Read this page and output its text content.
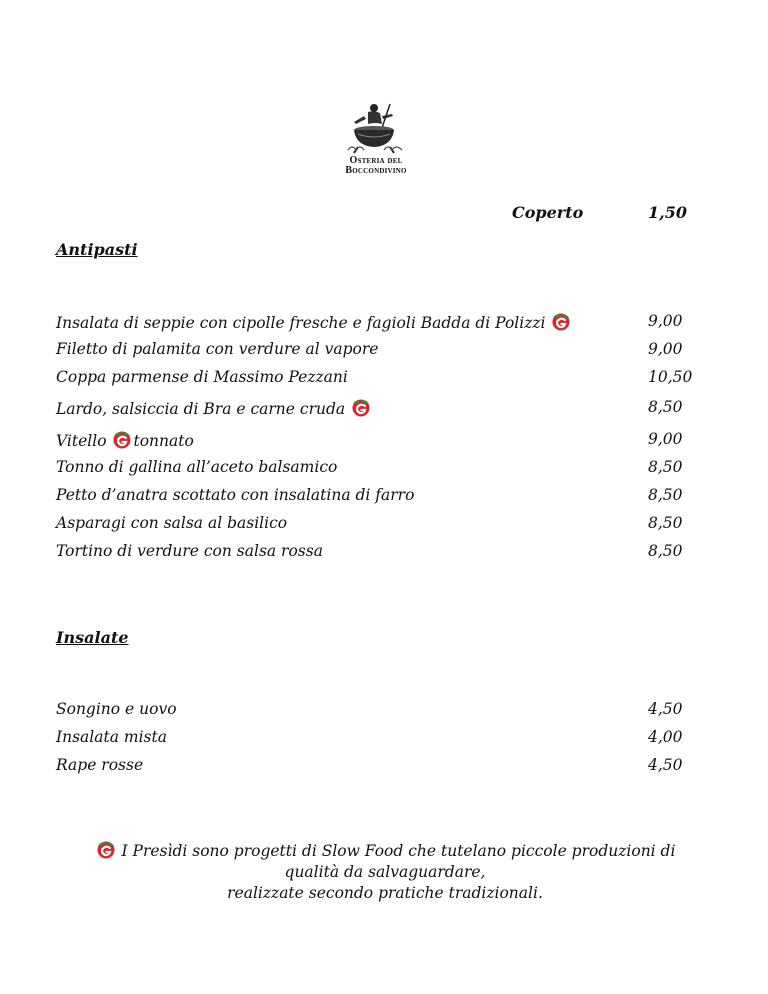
Osteria del
Boccondivino
Coperto	1,50
Antipasti
Insalata di seppie con cipolle fresche e fagioli Badda di Polizzi	9,00
Filetto di palamita con verdure al vapore	9,00
Coppa parmense di Massimo Pezzani	10,50
Lardo, salsiccia di Bra e carne cruda	8,50
Vitello tonnato	9,00
Tonno di gallina all’aceto balsamico	8,50
Petto d’anatra scottato con insalatina di farro	8,50
Asparagi con salsa al basilico	8,50
Tortino di verdure con salsa rossa	8,50
Insalate
Songino e uovo	4,50
Insalata mista	4,00
Rape rosse	4,50
I Presìdi sono progetti di Slow Food che tutelano piccole produzioni di
qualità da salvaguardare,
realizzate secondo pratiche tradizionali.
